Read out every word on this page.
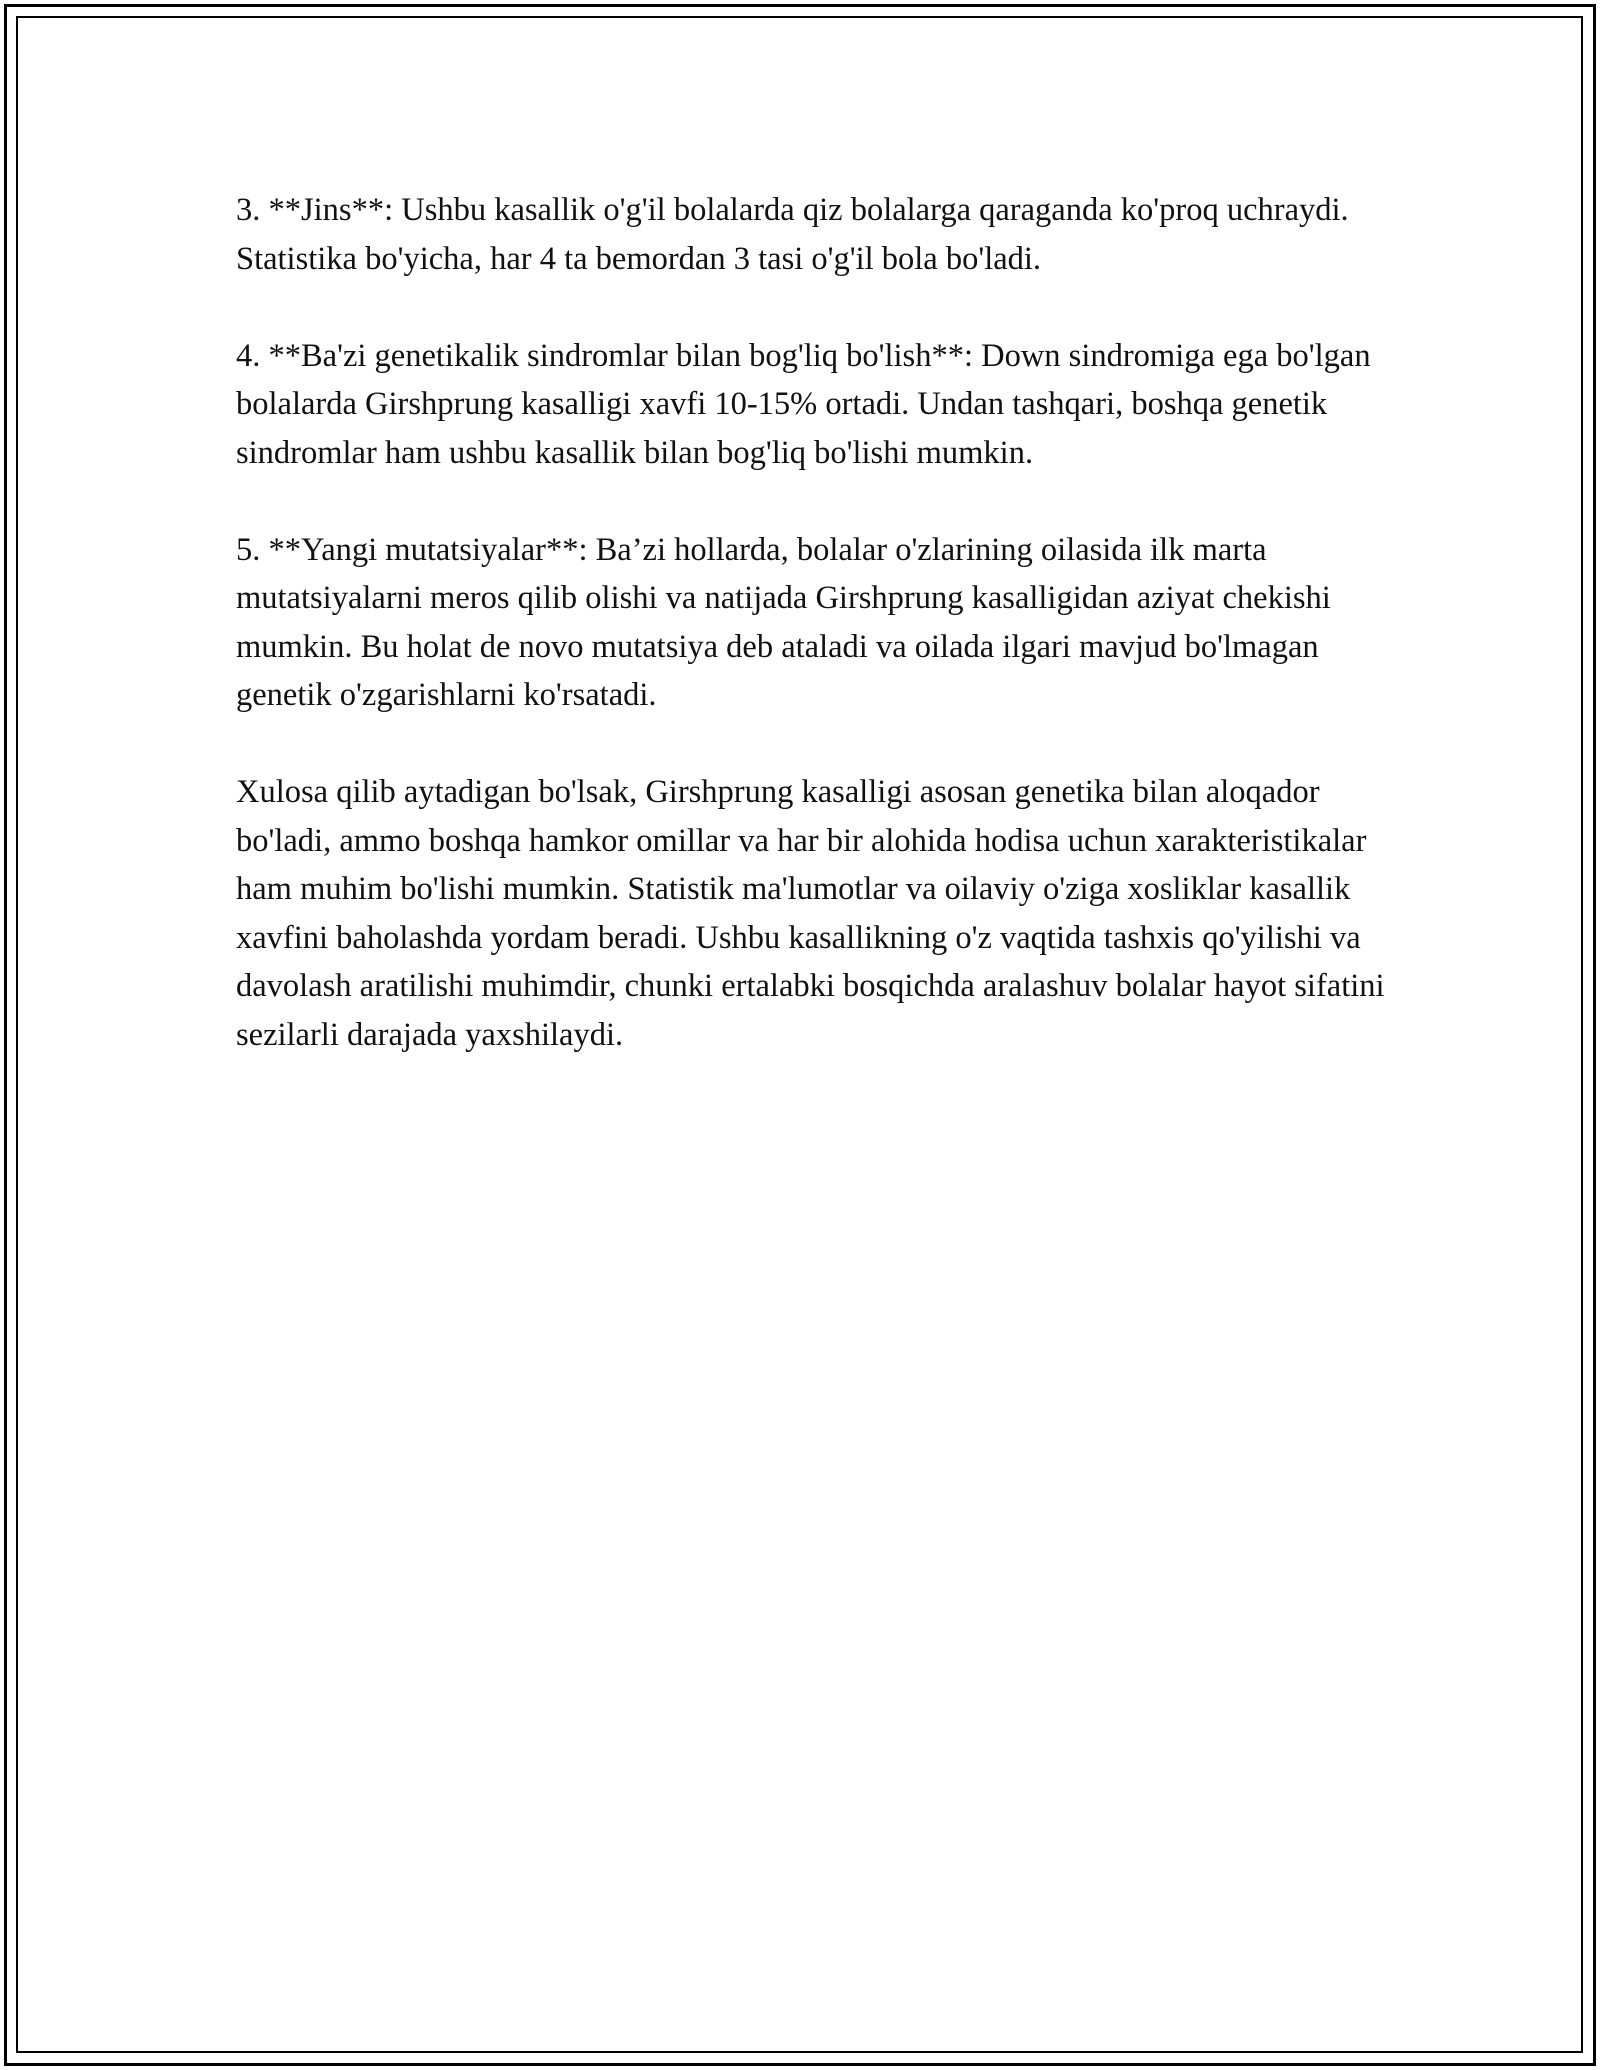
3. **Jins**: Ushbu kasallik o'g'il bolalarda qiz bolalarga qaraganda ko'proq uchraydi. Statistika bo'yicha, har 4 ta bemordan 3 tasi o'g'il bola bo'ladi.

4. **Ba'zi genetikalik sindromlar bilan bog'liq bo'lish**: Down sindromiga ega bo'lgan bolalarda Girshprung kasalligi xavfi 10-15% ortadi. Undan tashqari, boshqa genetik sindromlar ham ushbu kasallik bilan bog'liq bo'lishi mumkin.

5. **Yangi mutatsiyalar**: Ba’zi hollarda, bolalar o'zlarining oilasida ilk marta mutatsiyalarni meros qilib olishi va natijada Girshprung kasalligidan aziyat chekishi mumkin. Bu holat de novo mutatsiya deb ataladi va oilada ilgari mavjud bo'lmagan genetik o'zgarishlarni ko'rsatadi.

Xulosa qilib aytadigan bo'lsak, Girshprung kasalligi asosan genetika bilan aloqador bo'ladi, ammo boshqa hamkor omillar va har bir alohida hodisa uchun xarakteristikalar ham muhim bo'lishi mumkin. Statistik ma'lumotlar va oilaviy o'ziga xosliklar kasallik xavfini baholashda yordam beradi. Ushbu kasallikning o'z vaqtida tashxis qo'yilishi va davolash aratilishi muhimdir, chunki ertalabki bosqichda aralashuv bolalar hayot sifatini sezilarli darajada yaxshilaydi.
